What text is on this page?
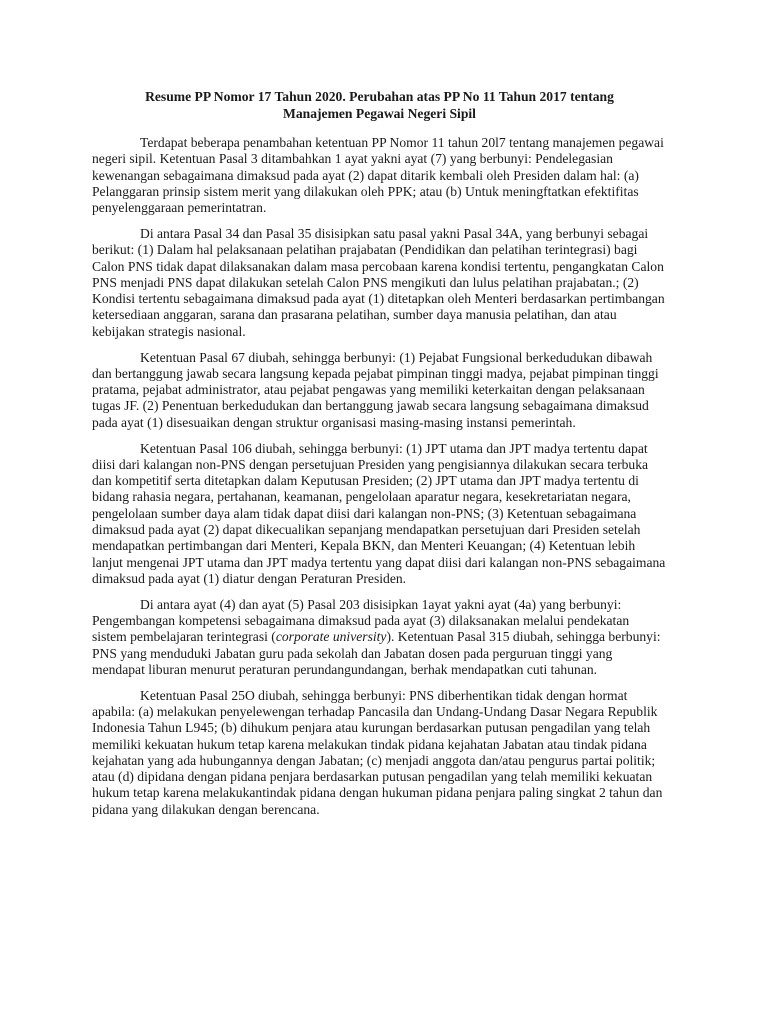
Resume PP Nomor 17 Tahun 2020. Perubahan atas PP No 11 Tahun 2017 tentang
Manajemen Pegawai Negeri Sipil

Terdapat beberapa penambahan ketentuan PP Nomor 11 tahun 20l7 tentang manajemen pegawai negeri sipil. Ketentuan Pasal 3 ditambahkan 1 ayat yakni ayat (7) yang berbunyi: Pendelegasian kewenangan sebagaimana dimaksud pada ayat (2) dapat ditarik kembali oleh Presiden dalam hal: (a) Pelanggaran prinsip sistem merit yang dilakukan oleh PPK; atau (b) Untuk meningftatkan efektifitas penyelenggaraan pemerintatran.

Di antara Pasal 34 dan Pasal 35 disisipkan satu pasal yakni Pasal 34A, yang berbunyi sebagai berikut: (1) Dalam hal pelaksanaan pelatihan prajabatan (Pendidikan dan pelatihan terintegrasi) bagi Calon PNS tidak dapat dilaksanakan dalam masa percobaan karena kondisi tertentu, pengangkatan Calon PNS menjadi PNS dapat dilakukan setelah Calon PNS mengikuti dan lulus pelatihan prajabatan.; (2) Kondisi tertentu sebagaimana dimaksud pada ayat (1) ditetapkan oleh Menteri berdasarkan pertimbangan ketersediaan anggaran, sarana dan prasarana pelatihan, sumber daya manusia pelatihan, dan atau kebijakan strategis nasional.

Ketentuan Pasal 67 diubah, sehingga berbunyi: (1) Pejabat Fungsional berkedudukan dibawah dan bertanggung jawab secara langsung kepada pejabat pimpinan tinggi madya, pejabat pimpinan tinggi pratama, pejabat administrator, atau pejabat pengawas yang memiliki keterkaitan dengan pelaksanaan tugas JF. (2) Penentuan berkedudukan dan bertanggung jawab secara langsung sebagaimana dimaksud pada ayat (1) disesuaikan dengan struktur organisasi masing-masing instansi pemerintah.

Ketentuan Pasal 106 diubah, sehingga berbunyi: (1) JPT utama dan JPT madya tertentu dapat diisi dari kalangan non-PNS dengan persetujuan Presiden yang pengisiannya dilakukan secara terbuka dan kompetitif serta ditetapkan dalam Keputusan Presiden; (2) JPT utama dan JPT madya tertentu di bidang rahasia negara, pertahanan, keamanan, pengelolaan aparatur negara, kesekretariatan negara, pengelolaan sumber daya alam tidak dapat diisi dari kalangan non-PNS; (3) Ketentuan sebagaimana dimaksud pada ayat (2) dapat dikecualikan sepanjang mendapatkan persetujuan dari Presiden setelah mendapatkan pertimbangan dari Menteri, Kepala BKN, dan Menteri Keuangan; (4) Ketentuan lebih lanjut mengenai JPT utama dan JPT madya tertentu yang dapat diisi dari kalangan non-PNS sebagaimana dimaksud pada ayat (1) diatur dengan Peraturan Presiden.

Di antara ayat (4) dan ayat (5) Pasal 203 disisipkan 1ayat yakni ayat (4a) yang berbunyi: Pengembangan kompetensi sebagaimana dimaksud pada ayat (3) dilaksanakan melalui pendekatan sistem pembelajaran terintegrasi (corporate university). Ketentuan Pasal 315 diubah, sehingga berbunyi: PNS yang menduduki Jabatan guru pada sekolah dan Jabatan dosen pada perguruan tinggi yang mendapat liburan menurut peraturan perundangundangan, berhak mendapatkan cuti tahunan.

Ketentuan Pasal 25O diubah, sehingga berbunyi: PNS diberhentikan tidak dengan hormat apabila: (a) melakukan penyelewengan terhadap Pancasila dan Undang-Undang Dasar Negara Republik Indonesia Tahun L945; (b) dihukum penjara atau kurungan berdasarkan putusan pengadilan yang telah memiliki kekuatan hukum tetap karena melakukan tindak pidana kejahatan Jabatan atau tindak pidana kejahatan yang ada hubungannya dengan Jabatan; (c) menjadi anggota dan/atau pengurus partai politik; atau (d) dipidana dengan pidana penjara berdasarkan putusan pengadilan yang telah memiliki kekuatan hukum tetap karena melakukantindak pidana dengan hukuman pidana penjara paling singkat 2 tahun dan pidana yang dilakukan dengan berencana.
